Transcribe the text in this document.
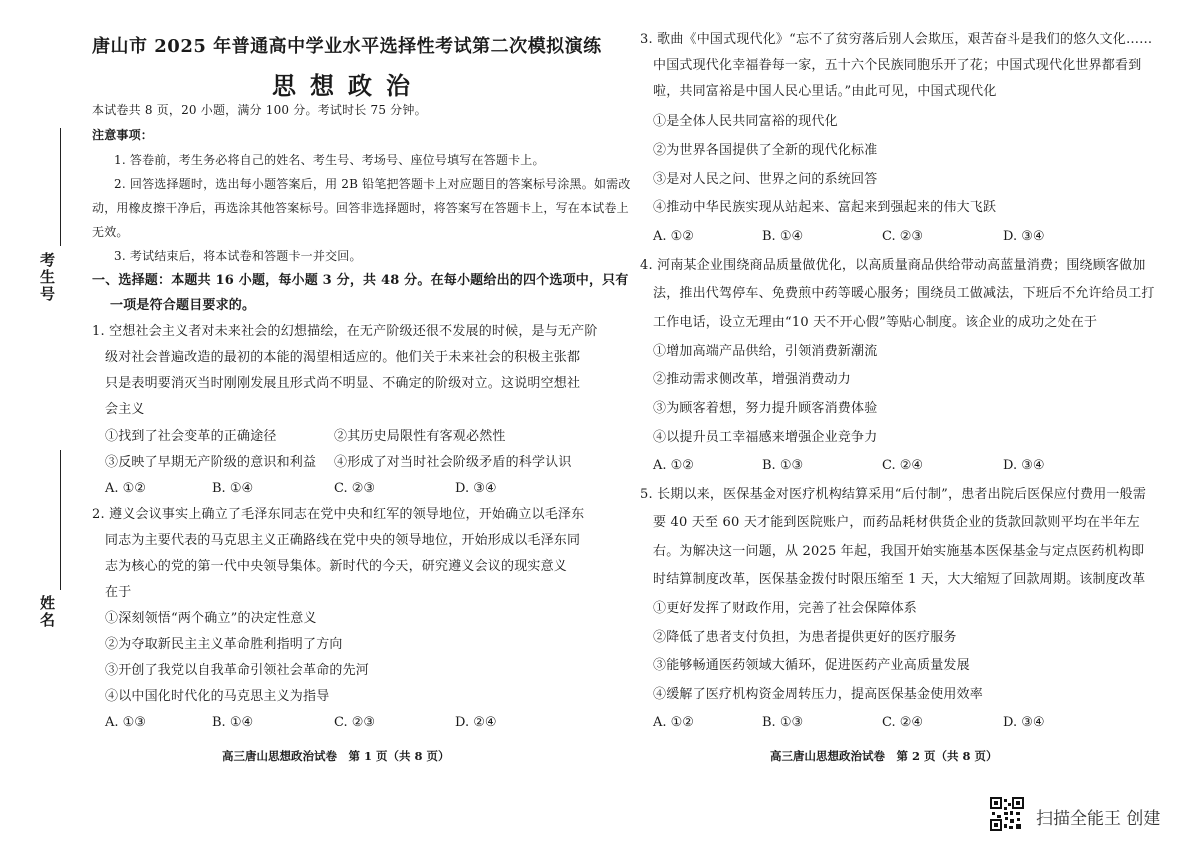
唐山市 2025 年普通高中学业水平选择性考试第二次模拟演练
思想政治
本试卷共 8 页，20 小题，满分 100 分。考试时长 75 分钟。
注意事项：
1. 答卷前，考生务必将自己的姓名、考生号、考场号、座位号填写在答题卡上。
2. 回答选择题时，选出每小题答案后，用 2B 铅笔把答题卡上对应题目的答案标号涂黑。如需改
动，用橡皮擦干净后，再选涂其他答案标号。回答非选择题时，将答案写在答题卡上，写在本试卷上
无效。
3. 考试结束后，将本试卷和答题卡一并交回。
一、选择题：本题共 16 小题，每小题 3 分，共 48 分。在每小题给出的四个选项中，只有
一项是符合题目要求的。
考生号
姓名
1. 空想社会主义者对未来社会的幻想描绘，在无产阶级还很不发展的时候，是与无产阶
级对社会普遍改造的最初的本能的渴望相适应的。他们关于未来社会的积极主张都
只是表明要消灭当时刚刚发展且形式尚不明显、不确定的阶级对立。这说明空想社
会主义
①找到了社会变革的正确途径	②其历史局限性有客观必然性
③反映了早期无产阶级的意识和利益 ④形成了对当时社会阶级矛盾的科学认识
A. ①②	B. ①④	C. ②③	D. ③④
2. 遵义会议事实上确立了毛泽东同志在党中央和红军的领导地位，开始确立以毛泽东
同志为主要代表的马克思主义正确路线在党中央的领导地位，开始形成以毛泽东同
志为核心的党的第一代中央领导集体。新时代的今天，研究遵义会议的现实意义
在于
①深刻领悟“两个确立”的决定性意义
②为夺取新民主主义革命胜利指明了方向
③开创了我党以自我革命引领社会革命的先河
④以中国化时代化的马克思主义为指导
A. ①③	B. ①④	C. ②③	D. ②④
高三唐山思想政治试卷　第 1 页（共 8 页）
3. 歌曲《中国式现代化》“忘不了贫穷落后别人会欺压，艰苦奋斗是我们的悠久文化……
中国式现代化幸福眷每一家，五十六个民族同胞乐开了花；中国式现代化世界都看到
啦，共同富裕是中国人民心里话。”由此可见，中国式现代化
①是全体人民共同富裕的现代化
②为世界各国提供了全新的现代化标准
③是对人民之问、世界之问的系统回答
④推动中华民族实现从站起来、富起来到强起来的伟大飞跃
A. ①②	B. ①④	C. ②③	D. ③④
4. 河南某企业围绕商品质量做优化，以高质量商品供给带动高蓝量消费；围绕顾客做加
法，推出代驾停车、免费煎中药等暖心服务；围绕员工做减法，下班后不允许给员工打
工作电话，设立无理由“10 天不开心假”等贴心制度。该企业的成功之处在于
①增加高端产品供给，引领消费新潮流
②推动需求侧改革，增强消费动力
③为顾客着想，努力提升顾客消费体验
④以提升员工幸福感来增强企业竞争力
A. ①②	B. ①③	C. ②④	D. ③④
5. 长期以来，医保基金对医疗机构结算采用“后付制”，患者出院后医保应付费用一般需
要 40 天至 60 天才能到医院账户，而药品耗材供货企业的货款回款则平均在半年左
右。为解决这一问题，从 2025 年起，我国开始实施基本医保基金与定点医药机构即
时结算制度改革，医保基金拨付时限压缩至 1 天，大大缩短了回款周期。该制度改革
①更好发挥了财政作用，完善了社会保障体系
②降低了患者支付负担，为患者提供更好的医疗服务
③能够畅通医药领域大循环，促进医药产业高质量发展
④缓解了医疗机构资金周转压力，提高医保基金使用效率
A. ①②	B. ①③	C. ②④	D. ③④
高三唐山思想政治试卷　第 2 页（共 8 页）
扫描全能王 创建
